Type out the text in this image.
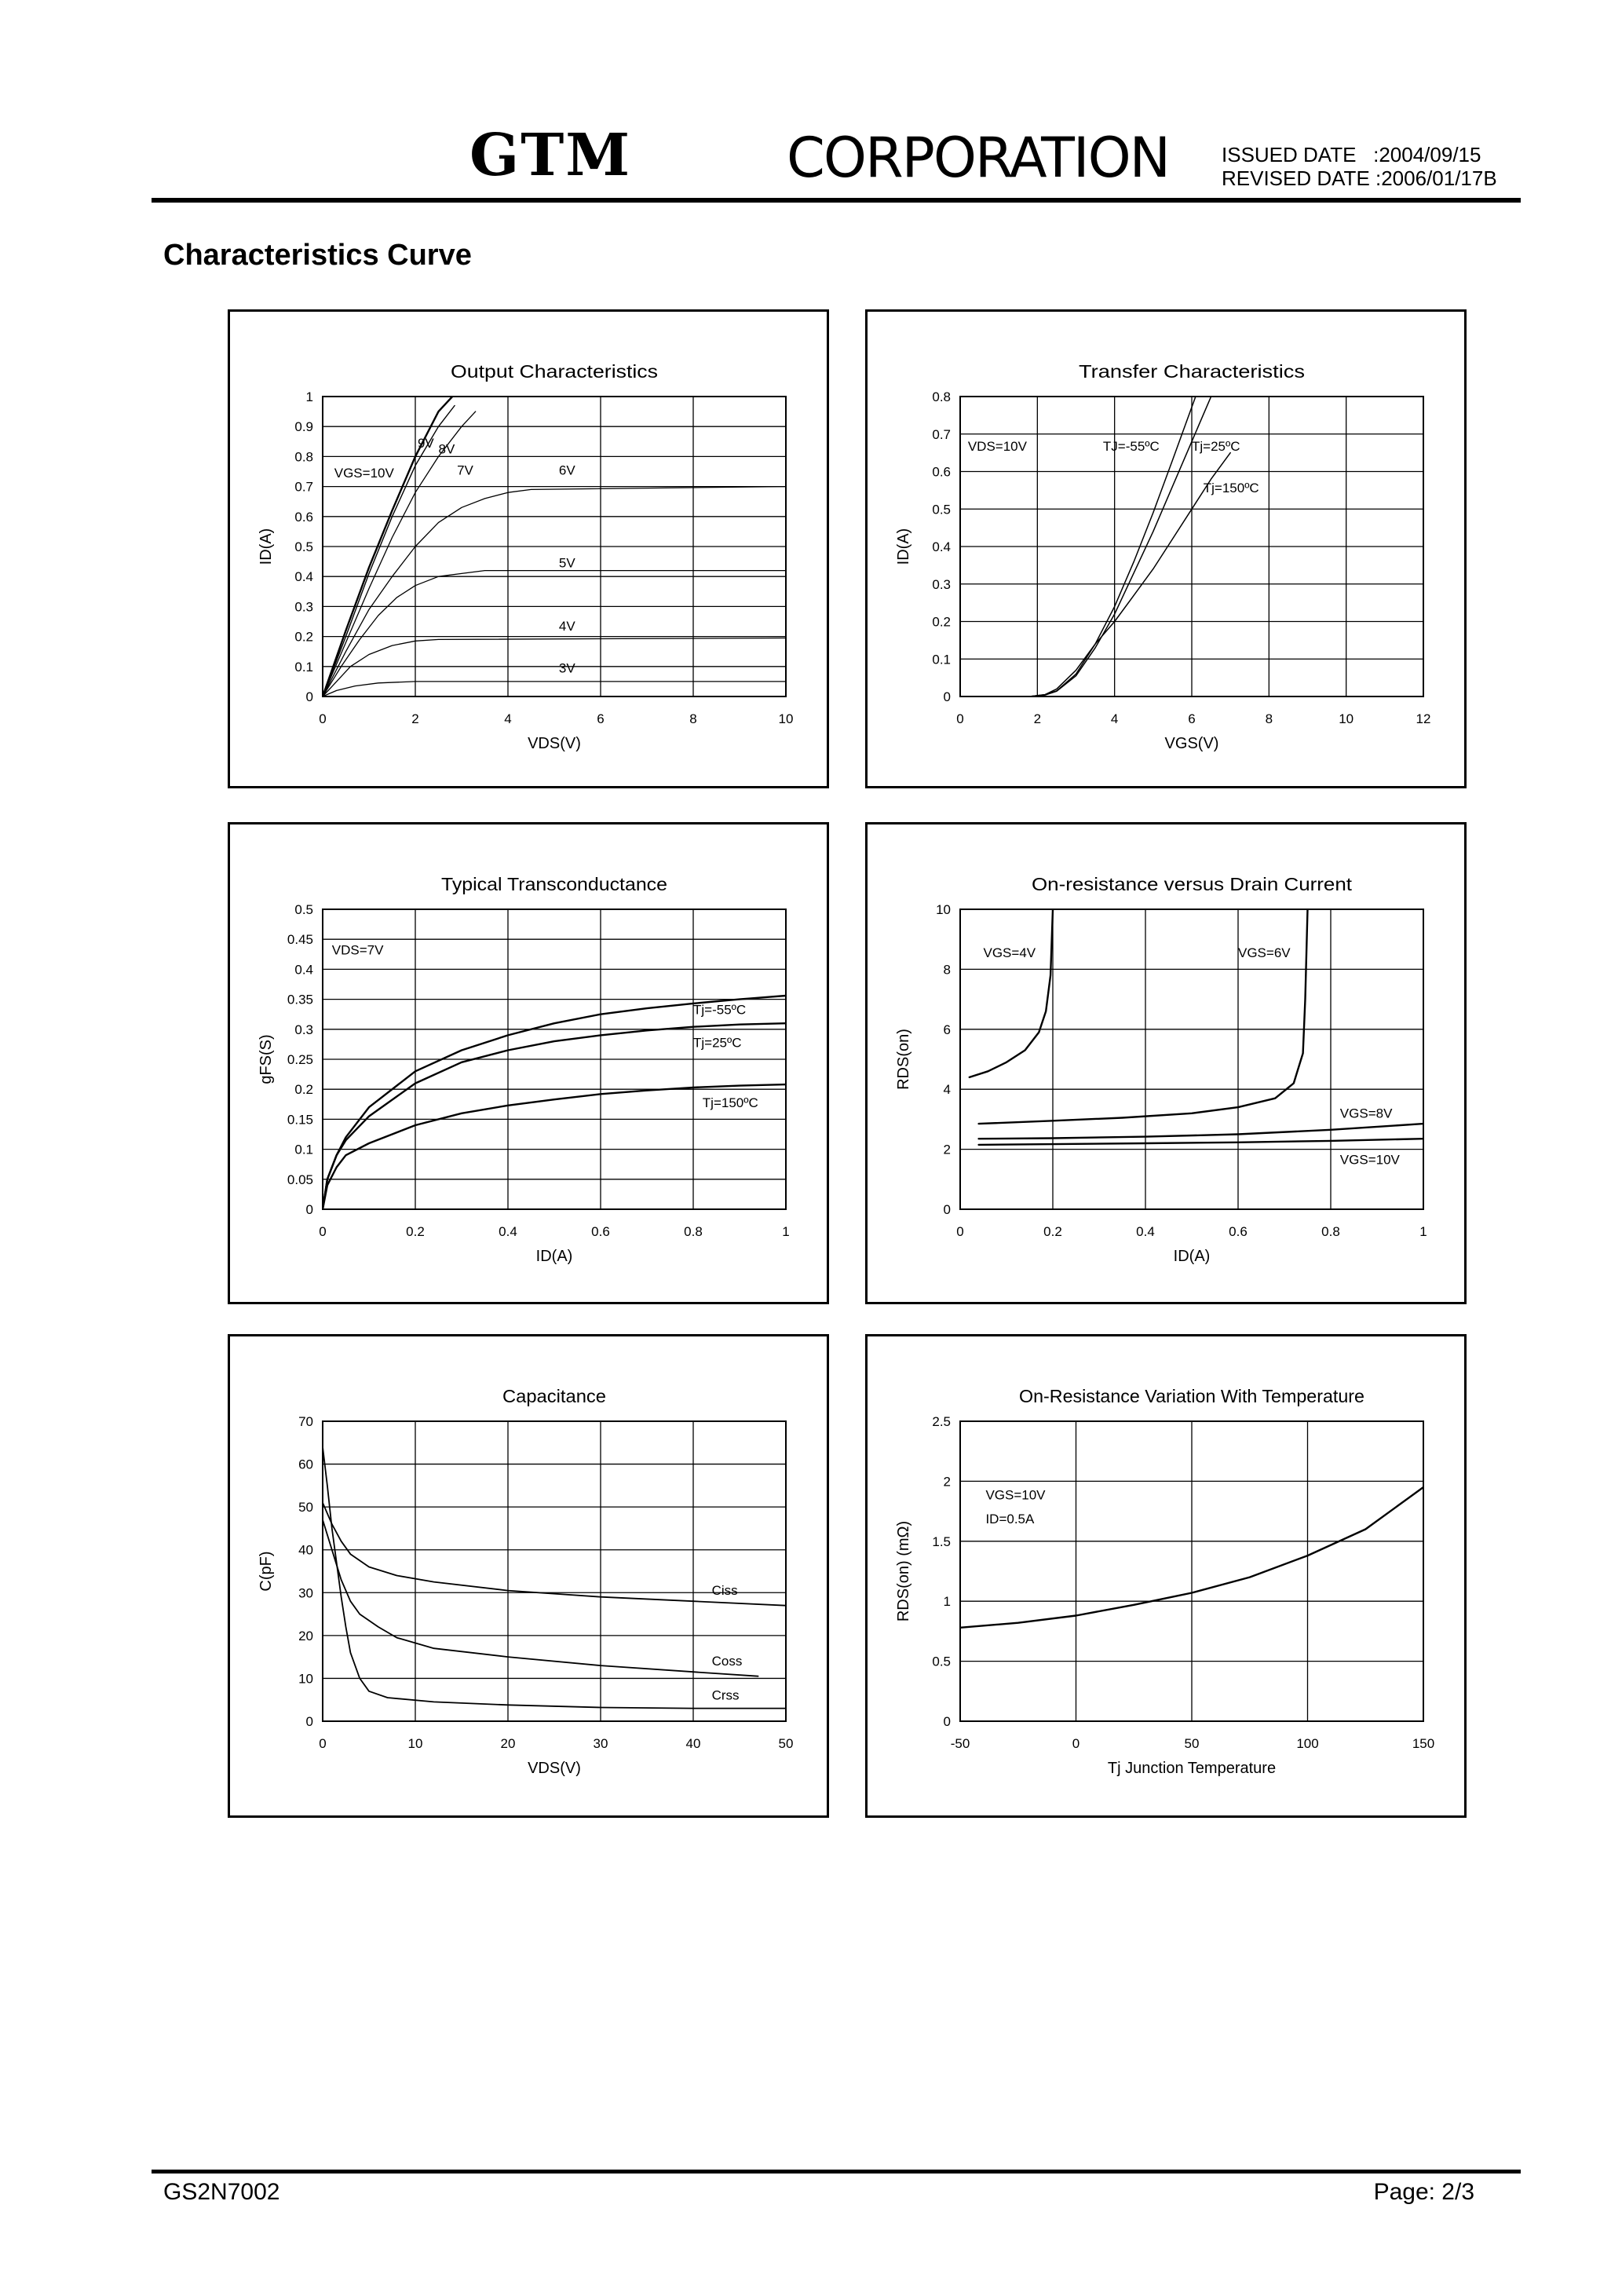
GTM	CORPORATION	ISSUED DATE   :2004/09/15
REVISED DATE :2006/01/17B
Characteristics Curve
Output Characteristics
0
0.1
0.2
0.3
0.4
0.5
0.6
0.7
0.8
0.9
1
0	2	4	6	8	10
VDS(V)
ID(A)
VGS=10V
9V 8V
7V	6V
5V
4V
3V
Transfer Characteristics
0
0.1
0.2
0.3
0.4
0.5
0.6
0.7
0.8
0	2	4	6	8	10	12
VGS(V)
ID(A)
VDS=10V	TJ=-55ºC Tj=25ºC
Tj=150ºC
Typical Transconductance
0
0.05
0.1
0.15
0.2
0.25
0.3
0.35
0.4
0.45
0.5
0	0.2	0.4	0.6	0.8	1
ID(A)
gFS(S)
VDS=7V
Tj=-55ºC
Tj=25ºC
Tj=150ºC
On-resistance versus Drain Current
0
2
4
6
8
10
0	0.2	0.4	0.6	0.8	1
ID(A)
RDS(on)
VGS=4V	VGS=6V
VGS=8V
VGS=10V
Capacitance
0
10
20
30
40
50
60
70
0	10	20	30	40	50
VDS(V)
C(pF)	Ciss
Coss
Crss
On-Resistance Variation With Temperature
0
0.5
1
1.5
2
2.5
-50	0	50	100	150
Tj Junction Temperature
RDS(on) (mΩ)
VGS=10V
ID=0.5A
GS2N7002	Page: 2/3
